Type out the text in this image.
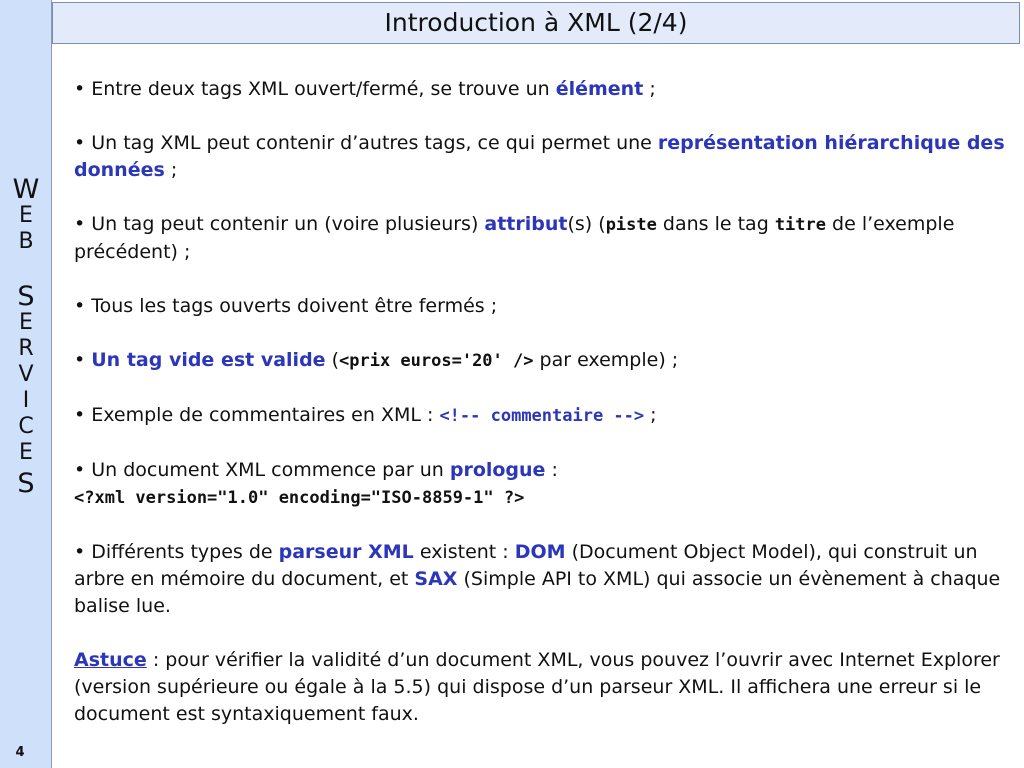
W
E
B
S
E
R
V
I
C
E
S
4
Introduction à XML (2/4)

• Entre deux tags XML ouvert/fermé, se trouve un élément ;

• Un tag XML peut contenir d’autres tags, ce qui permet une représentation hiérarchique des données ;

• Un tag peut contenir un (voire plusieurs) attribut(s) (piste dans le tag titre de l’exemple précédent) ;

• Tous les tags ouverts doivent être fermés ;

• Un tag vide est valide (<prix euros='20' /> par exemple) ;

• Exemple de commentaires en XML : <!-- commentaire --> ;

• Un document XML commence par un prologue :
<?xml version="1.0" encoding="ISO-8859-1" ?>

• Différents types de parseur XML existent : DOM (Document Object Model), qui construit un arbre en mémoire du document, et SAX (Simple API to XML) qui associe un évènement à chaque balise lue.

Astuce : pour vérifier la validité d’un document XML, vous pouvez l’ouvrir avec Internet Explorer (version supérieure ou égale à la 5.5) qui dispose d’un parseur XML. Il affichera une erreur si le document est syntaxiquement faux.
